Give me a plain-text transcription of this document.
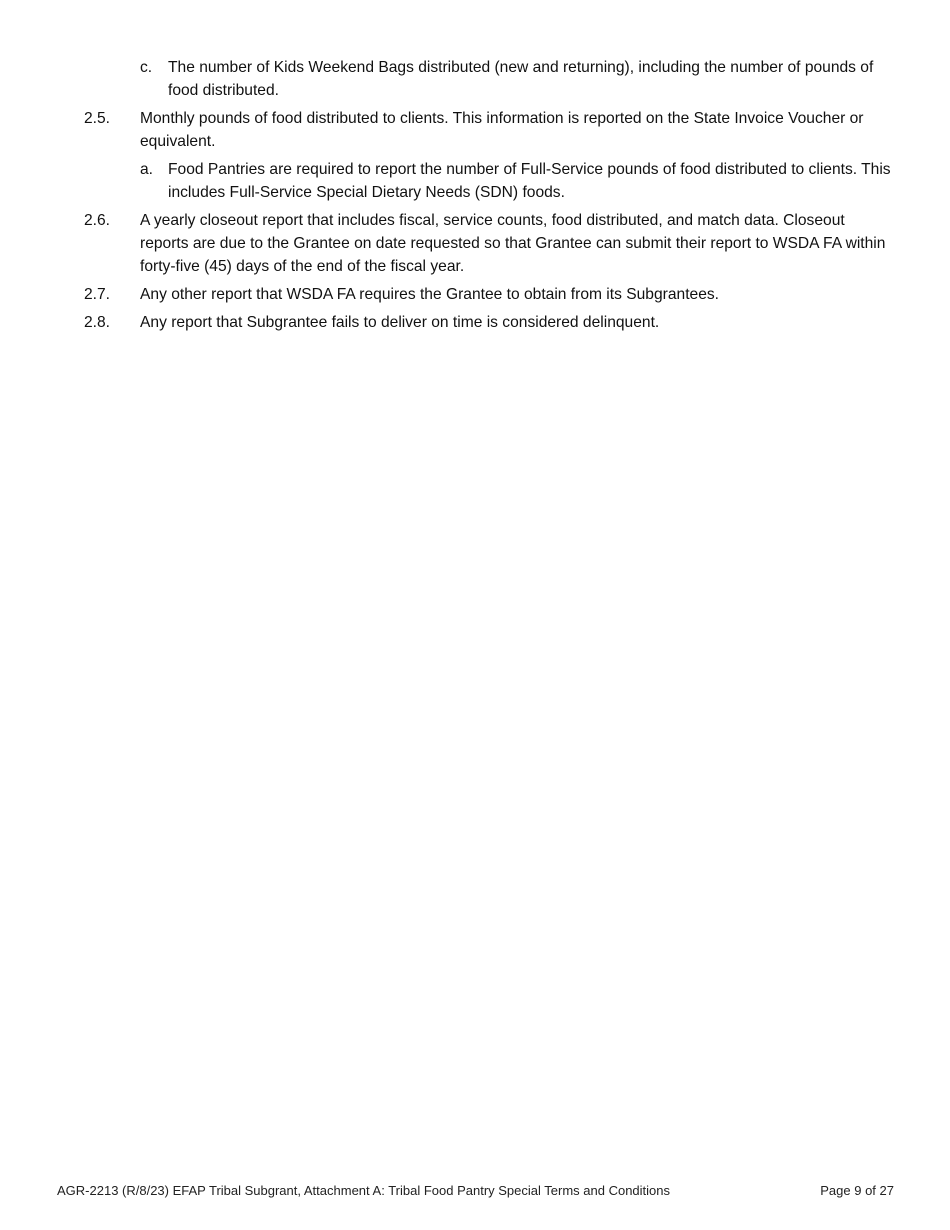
c. The number of Kids Weekend Bags distributed (new and returning), including the number of pounds of food distributed.
2.5. Monthly pounds of food distributed to clients. This information is reported on the State Invoice Voucher or equivalent.
a. Food Pantries are required to report the number of Full-Service pounds of food distributed to clients. This includes Full-Service Special Dietary Needs (SDN) foods.
2.6. A yearly closeout report that includes fiscal, service counts, food distributed, and match data. Closeout reports are due to the Grantee on date requested so that Grantee can submit their report to WSDA FA within forty-five (45) days of the end of the fiscal year.
2.7. Any other report that WSDA FA requires the Grantee to obtain from its Subgrantees.
2.8. Any report that Subgrantee fails to deliver on time is considered delinquent.
AGR-2213 (R/8/23) EFAP Tribal Subgrant, Attachment A: Tribal Food Pantry Special Terms and Conditions	Page 9 of 27
